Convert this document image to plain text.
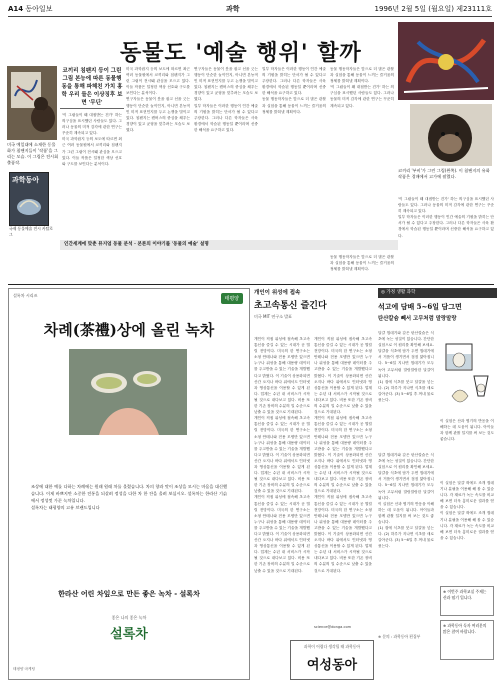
A14 동아일보	과학	1996년 2월 5일 (월요일) 제23111호
동물도 '예술 행위' 할까
코끼리 침팬지 등이 그린 그림 본능에 따른 동물행동을 통해 파헤친 가치 홍학 우리 들은 이상징후 보면 '무딘'
미국 예일대에 소재한 동물화가 침팬지들이 '작품'을 그리는 모습. 이 그림은 전시회 출품작.
과학동아
국제 동물예술 전시 카탈로그

'이 그림들이 왜 대접받는 건가' 하는 의구심을 표시했던 사람들도 있다. 그러나 동물의 미적 감각에 관한 연구는 꾸준히 계속되고 있다.

미국 과학잡지 등의 보도에 따르면 최근 여러 동물원에서 코끼리와 침팬지가 그린 그림이 전시돼 관심을 모으고 있다. 이들 작품은 일정한 색상 선호와 구도를 보인다는 분석이다.

미국 과학잡지 등의 보도에 따르면 최근 여러 동물원에서 코끼리와 침팬지가 그린 그림이 전시돼 관심을 모으고 있다. 이들 작품은 일정한 색상 선호와 구도를 보인다는 분석이다.

연구자들은 동물이 붓을 잡고 선을 긋는 행동이 단순한 놀이인지, 아니면 본능적인 미적 표현인지를 두고 논쟁을 벌이고 있다. 침팬지는 캔버스의 중심을 채우는 경향이 있고 균형을 맞추려는 모습도 보였다.

연구자들은 동물이 붓을 잡고 선을 긋는 행동이 단순한 놀이인지, 아니면 본능적인 미적 표현인지를 두고 논쟁을 벌이고 있다. 침팬지는 캔버스의 중심을 채우는 경향이 있고 균형을 맞추려는 모습도 보였다.

일부 학자들은 이러한 행동이 인간 예술의 기원을 밝히는 단서가 될 수 있다고 주장한다. 그러나 다른 학자들은 사육 환경에서 학습된 행동일 뿐이라며 신중한 해석을 요구하고 있다.

일부 학자들은 이러한 행동이 인간 예술의 기원을 밝히는 단서가 될 수 있다고 주장한다. 그러나 다른 학자들은 사육 환경에서 학습된 행동일 뿐이라며 신중한 해석을 요구하고 있다.

동물 행동학자들은 앞으로 더 많은 관찰과 실험을 통해 동물이 느끼는 즐거움의 정체를 밝혀낼 계획이다.

동물 행동학자들은 앞으로 더 많은 관찰과 실험을 통해 동물이 느끼는 즐거움의 정체를 밝혀낼 계획이다.

'이 그림들이 왜 대접받는 건가' 하는 의구심을 표시했던 사람들도 있다. 그러나 동물의 미적 감각에 관한 연구는 꾸준히 계속되고 있다.

코끼리 '부비'가 그린 그림(왼쪽). 이 침팬지의 유화 작품은 경매에서 고가에 팔렸다.
인간세계에 맞춘 뮤지엄 동물 분석 · 본론의 이야기를 '동물의 예술' 설명

동물 행동학자들은 앞으로 더 많은 관찰과 실험을 통해 동물이 느끼는 즐거움의 정체를 밝혀낼 계획이다.

'이 그림들이 왜 대접받는 건가' 하는 의구심을 표시했던 사람들도 있다. 그러나 동물의 미적 감각에 관한 연구는 꾸준히 계속되고 있다.

일부 학자들은 이러한 행동이 인간 예술의 기원을 밝히는 단서가 될 수 있다고 주장한다. 그러나 다른 학자들은 사육 환경에서 학습된 행동일 뿐이라며 신중한 해석을 요구하고 있다.

설록차 시리즈
태평양
차례(茶禮)상에 올린 녹차

조상에 대한 예를 다하는 차례에는 원래 원래 차를 올렸습니다. 차의 향과 맛이 조상을 모시는 마음을 대신했습니다. 이제 바쁘지만 소중한 전통을 되살려 정성을 다한 차 한 잔을 올려 보십시오. 설록차는 한라산 기슭에서 정성껏 가꾼 녹차입니다.

설록차는 태평양의 고유 브랜드입니다

한라산 어린 차잎으로 만든 좋은 녹차 - 설록차
좋은 나의 좋은 녹차
설록차
태평양 마케팅
개인이 위성에 접속
초고속통신 즐긴다
미국 MIT 연구소 발표

개인이 직접 위성에 접속해 초고속통신을 즐길 수 있는 시대가 곧 열릴 전망이다. 미국의 한 연구소는 소형 안테나와 전용 모뎀만 있으면 누구나 위성을 통해 대용량 데이터를 주고받을 수 있는 기술을 개발했다고 밝혔다. 이 기술이 상용화되면 산간 오지나 바다 위에서도 인터넷과 영상통신을 이용할 수 있게 된다. 업계는 수년 내 서비스가 시작될 것으로 내다보고 있다. 비용 또한 기존 장비의 수분의 일 수준으로 낮출 수 있을 것으로 기대된다.

개인이 직접 위성에 접속해 초고속통신을 즐길 수 있는 시대가 곧 열릴 전망이다. 미국의 한 연구소는 소형 안테나와 전용 모뎀만 있으면 누구나 위성을 통해 대용량 데이터를 주고받을 수 있는 기술을 개발했다고 밝혔다. 이 기술이 상용화되면 산간 오지나 바다 위에서도 인터넷과 영상통신을 이용할 수 있게 된다. 업계는 수년 내 서비스가 시작될 것으로 내다보고 있다. 비용 또한 기존 장비의 수분의 일 수준으로 낮출 수 있을 것으로 기대된다.

개인이 직접 위성에 접속해 초고속통신을 즐길 수 있는 시대가 곧 열릴 전망이다. 미국의 한 연구소는 소형 안테나와 전용 모뎀만 있으면 누구나 위성을 통해 대용량 데이터를 주고받을 수 있는 기술을 개발했다고 밝혔다. 이 기술이 상용화되면 산간 오지나 바다 위에서도 인터넷과 영상통신을 이용할 수 있게 된다. 업계는 수년 내 서비스가 시작될 것으로 내다보고 있다. 비용 또한 기존 장비의 수분의 일 수준으로 낮출 수 있을 것으로 기대된다.

개인이 직접 위성에 접속해 초고속통신을 즐길 수 있는 시대가 곧 열릴 전망이다. 미국의 한 연구소는 소형 안테나와 전용 모뎀만 있으면 누구나 위성을 통해 대용량 데이터를 주고받을 수 있는 기술을 개발했다고 밝혔다. 이 기술이 상용화되면 산간 오지나 바다 위에서도 인터넷과 영상통신을 이용할 수 있게 된다. 업계는 수년 내 서비스가 시작될 것으로 내다보고 있다. 비용 또한 기존 장비의 수분의 일 수준으로 낮출 수 있을 것으로 기대된다.

개인이 직접 위성에 접속해 초고속통신을 즐길 수 있는 시대가 곧 열릴 전망이다. 미국의 한 연구소는 소형 안테나와 전용 모뎀만 있으면 누구나 위성을 통해 대용량 데이터를 주고받을 수 있는 기술을 개발했다고 밝혔다. 이 기술이 상용화되면 산간 오지나 바다 위에서도 인터넷과 영상통신을 이용할 수 있게 된다. 업계는 수년 내 서비스가 시작될 것으로 내다보고 있다. 비용 또한 기존 장비의 수분의 일 수준으로 낮출 수 있을 것으로 기대된다.

개인이 직접 위성에 접속해 초고속통신을 즐길 수 있는 시대가 곧 열릴 전망이다. 미국의 한 연구소는 소형 안테나와 전용 모뎀만 있으면 누구나 위성을 통해 대용량 데이터를 주고받을 수 있는 기술을 개발했다고 밝혔다. 이 기술이 상용화되면 산간 오지나 바다 위에서도 인터넷과 영상통신을 이용할 수 있게 된다. 업계는 수년 내 서비스가 시작될 것으로 내다보고 있다. 비용 또한 기존 장비의 수분의 일 수준으로 낮출 수 있을 것으로 기대된다.

science@donga.com
과학이 어렵다 생각될 때 과학동아
여성동아
◎ 가정 생활 과학
석고에 담배 5~6일 담그면
탄산칼슘 빼서 고무처럼 말랑말랑

달걀 껍데기와 같은 탄산칼슘은 식초에 녹는 성질이 있습니다. 간단한 실험으로 이 원리를 확인해 보세요. 달걀을 식초에 담가 두면 껍데기에서 거품이 생기면서 점점 얇아집니다. 5~6일 지나면 껍데기가 모두 녹아 고무처럼 말랑말랑한 달걀이 됩니다.

(1) 컵에 식초를 붓고 달걀을 넣는다. (2) 하루가 지나면 식초를 새로 갈아준다. (3) 5~6일 후 꺼내 물로 씻는다.

이 실험은 산과 염기의 반응을 이해하는 데 도움이 됩니다. 아이들과 함께 관찰 일지를 써 보는 것도 좋습니다.

달걀 껍데기와 같은 탄산칼슘은 식초에 녹는 성질이 있습니다. 간단한 실험으로 이 원리를 확인해 보세요. 달걀을 식초에 담가 두면 껍데기에서 거품이 생기면서 점점 얇아집니다. 5~6일 지나면 껍데기가 모두 녹아 고무처럼 말랑말랑한 달걀이 됩니다.

이 실험은 산과 염기의 반응을 이해하는 데 도움이 됩니다. 아이들과 함께 관찰 일지를 써 보는 것도 좋습니다.

(1) 컵에 식초를 붓고 달걀을 넣는다. (2) 하루가 지나면 식초를 새로 갈아준다. (3) 5~6일 후 꺼내 물로 씻는다.

※ 문의 : 과학동아 편집부

이 실험은 달걀 외에도 조개 껍데기나 분필을 이용해 해 볼 수 있습니다. 각 재료가 녹는 속도를 비교해 보면 더욱 흥미로운 결과를 얻을 수 있습니다.

이 실험은 달걀 외에도 조개 껍데기나 분필을 이용해 해 볼 수 있습니다. 각 재료가 녹는 속도를 비교해 보면 더욱 흥미로운 결과를 얻을 수 있습니다.

※ 이번주 과학교실 주제는 산과 염기 입니다.
※ 과학동아 독자 여러분의 많은 참여 바랍니다.
